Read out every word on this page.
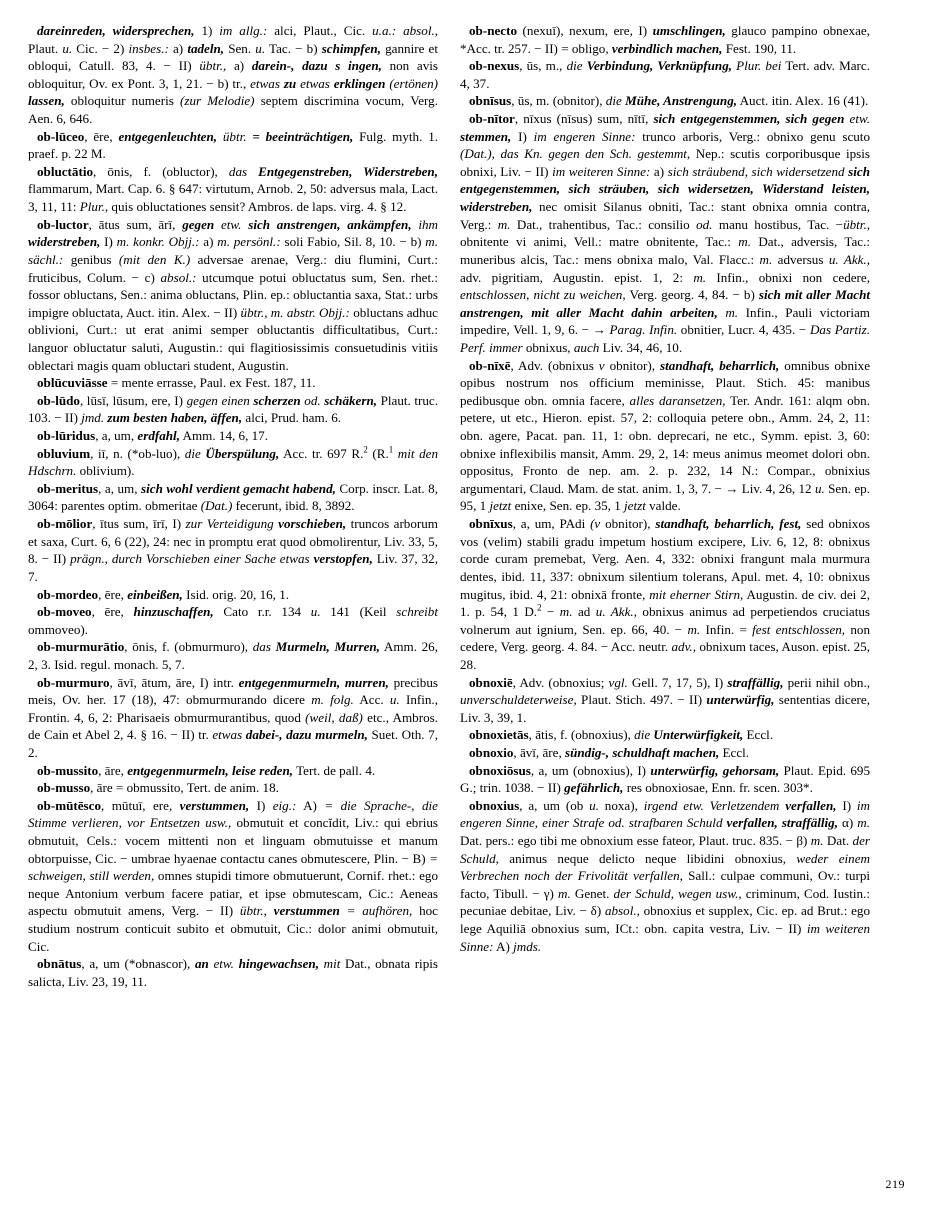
dareinreden, widersprechen, 1) im allg.: alci, Plaut., Cic. u.a.: absol., Plaut. u. Cic. − 2) insbes.: a) tadeln, Sen. u. Tac. − b) schimpfen, gannire et obloqui, Catull. 83, 4. − II) übtr., a) darein-, dazu s ingen, non avis obloquitur, Ov. ex Pont. 3, 1, 21. − b) tr., etwas zu etwas erklingen (ertönen) lassen, obloquitur numeris (zur Melodie) septem discrimina vocum, Verg. Aen. 6, 646.

ob-lūceo, ēre, entgegenleuchten, übtr. = beeinträchtigen, Fulg. myth. 1. praef. p. 22 M.

obluctātio, ōnis, f. (obluctor), das Entgegenstreben, Widerstreben, flammarum, Mart. Cap. 6. § 647: virtutum, Arnob. 2, 50: adversus mala, Lact. 3, 11, 11: Plur., quis obluctationes sensit? Ambros. de laps. virg. 4. § 12.

ob-luctor, ātus sum, ārī, gegen etw. sich anstrengen, ankämpfen, ihm widerstreben, I) m. konkr. Objj.: a) m. persönl.: soli Fabio, Sil. 8, 10. − b) m. sächl.: genibus (mit den K.) adversae arenae, Verg.: diu flumini, Curt.: fruticibus, Colum. − c) absol.: utcumque potui obluctatus sum, Sen. rhet.: fossor obluctans, Sen.: anima obluctans, Plin. ep.: obluctantia saxa, Stat.: urbs impigre obluctata, Auct. itin. Alex. − II) übtr., m. abstr. Objj.: obluctans adhuc oblivioni, Curt.: ut erat animi semper obluctantis difficultatibus, Curt.: languor obluctatur saluti, Augustin.: qui flagitiosissimis consuetudinis vitiis oblectari magis quam obluctari student, Augustin.

oblūcuviāsse = mente errasse, Paul. ex Fest. 187, 11.

ob-lūdo, lūsī, lūsum, ere, I) gegen einen scherzen od. schäkern, Plaut. truc. 103. − II) jmd. zum besten haben, äffen, alci, Prud. ham. 6.

ob-lūridus, a, um, erdfahl, Amm. 14, 6, 17.

obluvium, iī, n. (*ob-luo), die Überspülung, Acc. tr. 697 R.$^2$ (R.$^1$ mit den Hdschrn. oblivium).

ob-meritus, a, um, sich wohl verdient gemacht habend, Corp. inscr. Lat. 8, 3064: parentes optim. obmeritae (Dat.) fecerunt, ibid. 8, 3892.

ob-mōlior, ītus sum, īrī, I) zur Verteidigung vorschieben, truncos arborum et saxa, Curt. 6, 6 (22), 24: nec in promptu erat quod obmolirentur, Liv. 33, 5, 8. − II) prägn., durch Vorschieben einer Sache etwas verstopfen, Liv. 37, 32, 7.

ob-mordeo, ēre, einbeißen, Isid. orig. 20, 16, 1.

ob-moveo, ēre, hinzuschaffen, Cato r.r. 134 u. 141 (Keil schreibt ommoveo).

ob-murmurātio, ōnis, f. (obmurmuro), das Murmeln, Murren, Amm. 26, 2, 3. Isid. regul. monach. 5, 7.

ob-murmuro, āvī, ātum, āre, I) intr. entgegenmurmeln, murren, precibus meis, Ov. her. 17 (18), 47: obmurmurando dicere m. folg. Acc. u. Infin., Frontin. 4, 6, 2: Pharisaeis obmurmurantibus, quod (weil, daß) etc., Ambros. de Cain et Abel 2, 4. § 16. − II) tr. etwas dabei-, dazu murmeln, Suet. Oth. 7, 2.

ob-mussito, āre, entgegenmurmeln, leise reden, Tert. de pall. 4.

ob-musso, āre = obmussito, Tert. de anim. 18.

ob-mūtēsco, mūtuī, ere, verstummen, I) eig.: A) = die Sprache-, die Stimme verlieren, vor Entsetzen usw., obmutuit et concĭdit, Liv.: qui ebrius obmutuit, Cels.: vocem mittenti non et linguam obmutuisse et manum obtorpuisse, Cic. − umbrae hyaenae contactu canes obmutescere, Plin. − B) = schweigen, still werden, omnes stupidi timore obmutuerunt, Cornif. rhet.: ego neque Antonium verbum facere patiar, et ipse obmutescam, Cic.: Aeneas aspectu obmutuit amens, Verg. − II) übtr., verstummen = aufhören, hoc studium nostrum conticuit subito et obmutuit, Cic.: dolor animi obmutuit, Cic.

obnātus, a, um (*obnascor), an etw. hingewachsen, mit Dat., obnata ripis salicta, Liv. 23, 19, 11.

ob-necto (nexuī), nexum, ere, I) umschlingen, glauco pampino obnexae, *Acc. tr. 257. − II) = obligo, verbindlich machen, Fest. 190, 11.

ob-nexus, ūs, m., die Verbindung, Verknüpfung, Plur. bei Tert. adv. Marc. 4, 37.

obnīsus, ūs, m. (obnitor), die Mühe, Anstrengung, Auct. itin. Alex. 16 (41).

ob-nītor, nīxus (nīsus) sum, nītī, sich entgegenstemmen, sich gegen etw. stemmen, I) im engeren Sinne: trunco arboris, Verg.: obnixo genu scuto (Dat.), das Kn. gegen den Sch. gestemmt, Nep.: scutis corporibusque ipsis obnixi, Liv. − II) im weiteren Sinne: a) sich sträubend, sich widersetzend sich entgegenstemmen, sich sträuben, sich widersetzen, Widerstand leisten, widerstreben, nec omisit Silanus obniti, Tac.: stant obnixa omnia contra, Verg.: m. Dat., trahentibus, Tac.: consilio od. manu hostibus, Tac. −übtr., obnitente vi animi, Vell.: matre obnitente, Tac.: m. Dat., adversis, Tac.: muneribus alcis, Tac.: mens obnixa malo, Val. Flacc.: m. adversus u. Akk., adv. pigritiam, Augustin. epist. 1, 2: m. Infin., obnixi non cedere, entschlossen, nicht zu weichen, Verg. georg. 4, 84. − b) sich mit aller Macht anstrengen, mit aller Macht dahin arbeiten, m. Infin., Pauli victoriam impedire, Vell. 1, 9, 6. − → Parag. Infin. obnitier, Lucr. 4, 435. − Das Partiz. Perf. immer obnixus, auch Liv. 34, 46, 10.

ob-nīxē, Adv. (obnixus v obnitor), standhaft, beharrlich, omnibus obnixe opibus nostrum nos officium meminisse, Plaut. Stich. 45: manibus pedibusque obn. omnia facere, alles daransetzen, Ter. Andr. 161: alqm obn. petere, ut etc., Hieron. epist. 57, 2: colloquia petere obn., Amm. 24, 2, 11: obn. agere, Pacat. pan. 11, 1: obn. deprecari, ne etc., Symm. epist. 3, 60: obnixe inflexibilis mansit, Amm. 29, 2, 14: meus animus meomet dolori obn. oppositus, Fronto de nep. am. 2. p. 232, 14 N.: Compar., obnixius argumentari, Claud. Mam. de stat. anim. 1, 3, 7. − → Liv. 4, 26, 12 u. Sen. ep. 95, 1 jetzt enixe, Sen. ep. 35, 1 jetzt valde.

obnīxus, a, um, PAdi (v obnitor), standhaft, beharrlich, fest, sed obnixos vos (velim) stabili gradu impetum hostium excipere, Liv. 6, 12, 8: obnixus corde curam premebat, Verg. Aen. 4, 332: obnixi frangunt mala murmura dentes, ibid. 11, 337: obnixum silentium tolerans, Apul. met. 4, 10: obnixus mugitus, ibid. 4, 21: obnixā fronte, mit eherner Stirn, Augustin. de civ. dei 2, 1. p. 54, 1 D.$^2$ − m. ad u. Akk., obnixus animus ad perpetiendos cruciatus volnerum aut ignium, Sen. ep. 66, 40. − m. Infin. = fest entschlossen, non cedere, Verg. georg. 4. 84. − Acc. neutr. adv., obnixum taces, Auson. epist. 25, 28.

obnoxiē, Adv. (obnoxius; vgl. Gell. 7, 17, 5), I) straffällig, perii nihil obn., unverschuldeterweise, Plaut. Stich. 497. − II) unterwürfig, sententias dicere, Liv. 3, 39, 1.

obnoxietās, ātis, f. (obnoxius), die Unterwürfigkeit, Eccl.

obnoxio, āvī, āre, sündig-, schuldhaft machen, Eccl.

obnoxiōsus, a, um (obnoxius), I) unterwürfig, gehorsam, Plaut. Epid. 695 G.; trin. 1038. − II) gefährlich, res obnoxiosae, Enn. fr. scen. 303*.

obnoxius, a, um (ob u. noxa), irgend etw. Verletzendem verfallen, I) im engeren Sinne, einer Strafe od. strafbaren Schuld verfallen, straffällig, α) m. Dat. pers.: ego tibi me obnoxium esse fateor, Plaut. truc. 835. − β) m. Dat. der Schuld, animus neque delicto neque libidini obnoxius, weder einem Verbrechen noch der Frivolität verfallen, Sall.: culpae communi, Ov.: turpi facto, Tibull. − γ) m. Genet. der Schuld, wegen usw., criminum, Cod. Iustin.: pecuniae debitae, Liv. − δ) absol., obnoxius et supplex, Cic. ep. ad Brut.: ego lege Aquiliā obnoxius sum, ICt.: obn. capita vestra, Liv. − II) im weiteren Sinne: A) jmds.

219
